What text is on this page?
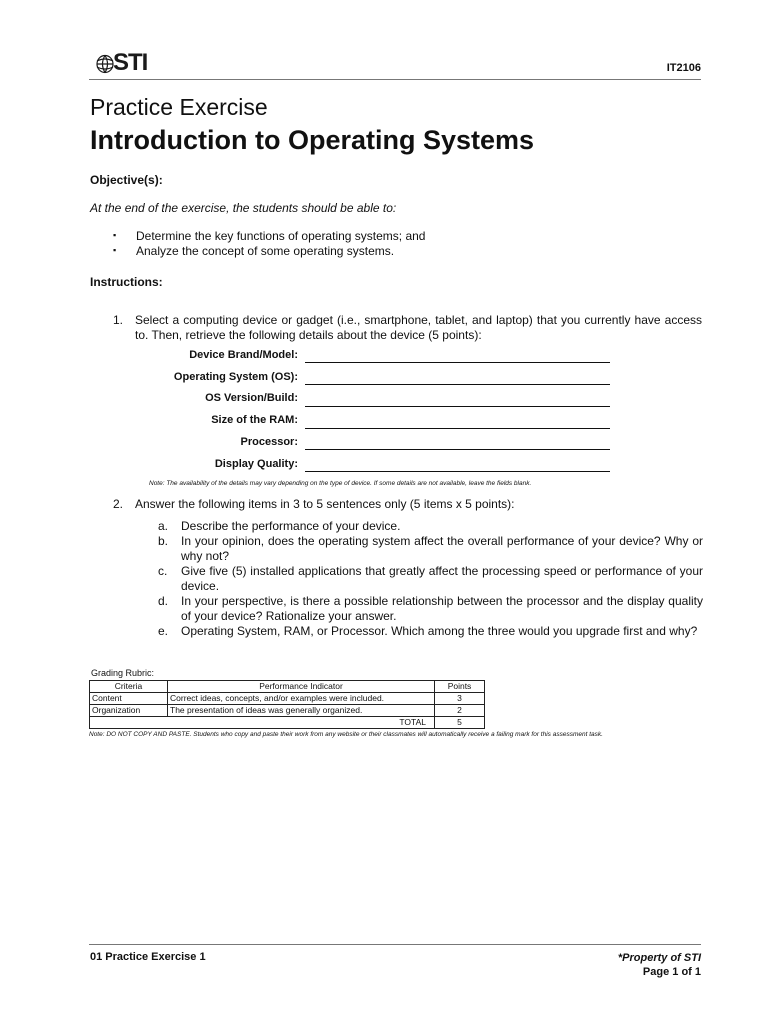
STI	IT2106
Practice Exercise
Introduction to Operating Systems
Objective(s):
At the end of the exercise, the students should be able to:
▪ Determine the key functions of operating systems; and
▪ Analyze the concept of some operating systems.
Instructions:
1. Select a computing device or gadget (i.e., smartphone, tablet, and laptop) that you currently have access to. Then, retrieve the following details about the device (5 points):
Device Brand/Model:
Operating System (OS):
OS Version/Build:
Size of the RAM:
Processor:
Display Quality:
Note: The availability of the details may vary depending on the type of device. If some details are not available, leave the fields blank.
2. Answer the following items in 3 to 5 sentences only (5 items x 5 points):
a. Describe the performance of your device.
b. In your opinion, does the operating system affect the overall performance of your device? Why or why not?
c. Give five (5) installed applications that greatly affect the processing speed or performance of your device.
d. In your perspective, is there a possible relationship between the processor and the display quality of your device? Rationalize your answer.
e. Operating System, RAM, or Processor. Which among the three would you upgrade first and why?
Grading Rubric:
Criteria	Performance Indicator	Points
Content	Correct ideas, concepts, and/or examples were included.	3
Organization	The presentation of ideas was generally organized.	2
TOTAL		5
Note: DO NOT COPY AND PASTE. Students who copy and paste their work from any website or their classmates will automatically receive a failing mark for this assessment task.
01 Practice Exercise 1	*Property of STI
Page 1 of 1
